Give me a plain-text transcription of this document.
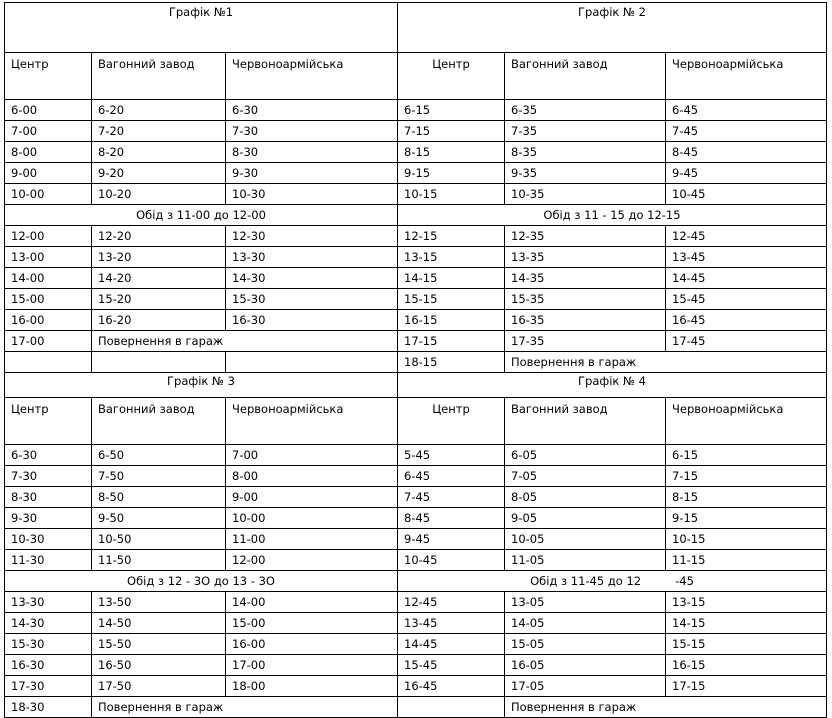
Графік №1			Графік № 2		
Центр	Вагонний завод	Червоноармійська	Центр	Вагонний завод	Червоноармійська
6-00	6-20	6-30	6-15	6-35	6-45
7-00	7-20	7-30	7-15	7-35	7-45
8-00	8-20	8-30	8-15	8-35	8-45
9-00	9-20	9-30	9-15	9-35	9-45
10-00	10-20	10-30	10-15	10-35	10-45
Обід з 11-00 до 12-00			Обід з 11 - 15 до 12-15		
12-00	12-20	12-30	12-15	12-35	12-45
13-00	13-20	13-30	13-15	13-35	13-45
14-00	14-20	14-30	14-15	14-35	14-45
15-00	15-20	15-30	15-15	15-35	15-45
16-00	16-20	16-30	16-15	16-35	16-45
17-00	Повернення в гараж		17-15	17-35	17-45
			18-15	Повернення в гараж	
Графік № 3			Графік № 4		
Центр	Вагонний завод	Червоноармійська	Центр	Вагонний завод	Червоноармійська
6-30	6-50	7-00	5-45	6-05	6-15
7-30	7-50	8-00	6-45	7-05	7-15
8-30	8-50	9-00	7-45	8-05	8-15
9-30	9-50	10-00	8-45	9-05	9-15
10-30	10-50	11-00	9-45	10-05	10-15
11-30	11-50	12-00	10-45	11-05	11-15
Обід з 12 - 3О до 13 - 3О			Обід з 11-45 до 12 -45		
13-30	13-50	14-00	12-45	13-05	13-15
14-30	14-50	15-00	13-45	14-05	14-15
15-30	15-50	16-00	14-45	15-05	15-15
16-30	16-50	17-00	15-45	16-05	16-15
17-30	17-50	18-00	16-45	17-05	17-15
18-30	Повернення в гараж			Повернення в гараж	
